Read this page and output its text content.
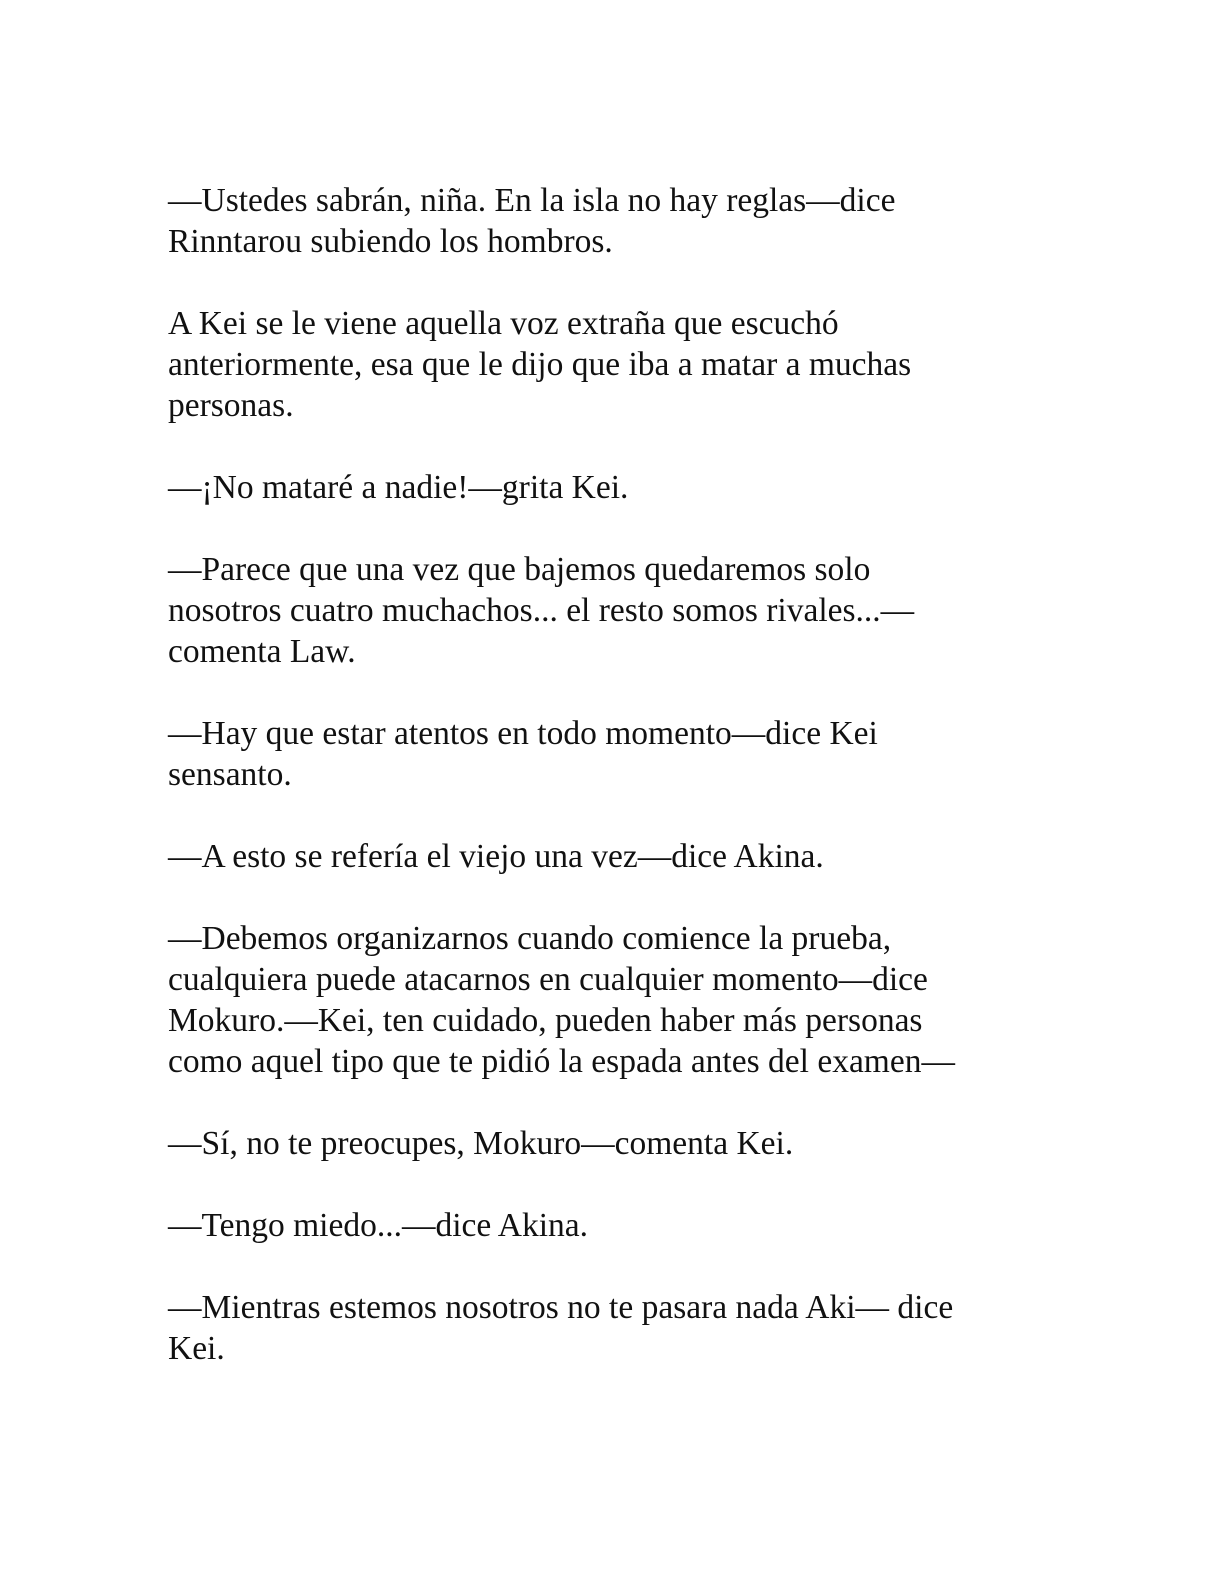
—Ustedes sabrán, niña. En la isla no hay reglas—dice
Rinntarou subiendo los hombros.

A Kei se le viene aquella voz extraña que escuchó
anteriormente, esa que le dijo que iba a matar a muchas
personas.

—¡No mataré a nadie!—grita Kei.

—Parece que una vez que bajemos quedaremos solo
nosotros cuatro muchachos... el resto somos rivales...—
comenta Law.

—Hay que estar atentos en todo momento—dice Kei
sensanto.

—A esto se refería el viejo una vez—dice Akina.

—Debemos organizarnos cuando comience la prueba,
cualquiera puede atacarnos en cualquier momento—dice
Mokuro.—Kei, ten cuidado, pueden haber más personas
como aquel tipo que te pidió la espada antes del examen—

—Sí, no te preocupes, Mokuro—comenta Kei.

—Tengo miedo...—dice Akina.

—Mientras estemos nosotros no te pasara nada Aki— dice
Kei.
